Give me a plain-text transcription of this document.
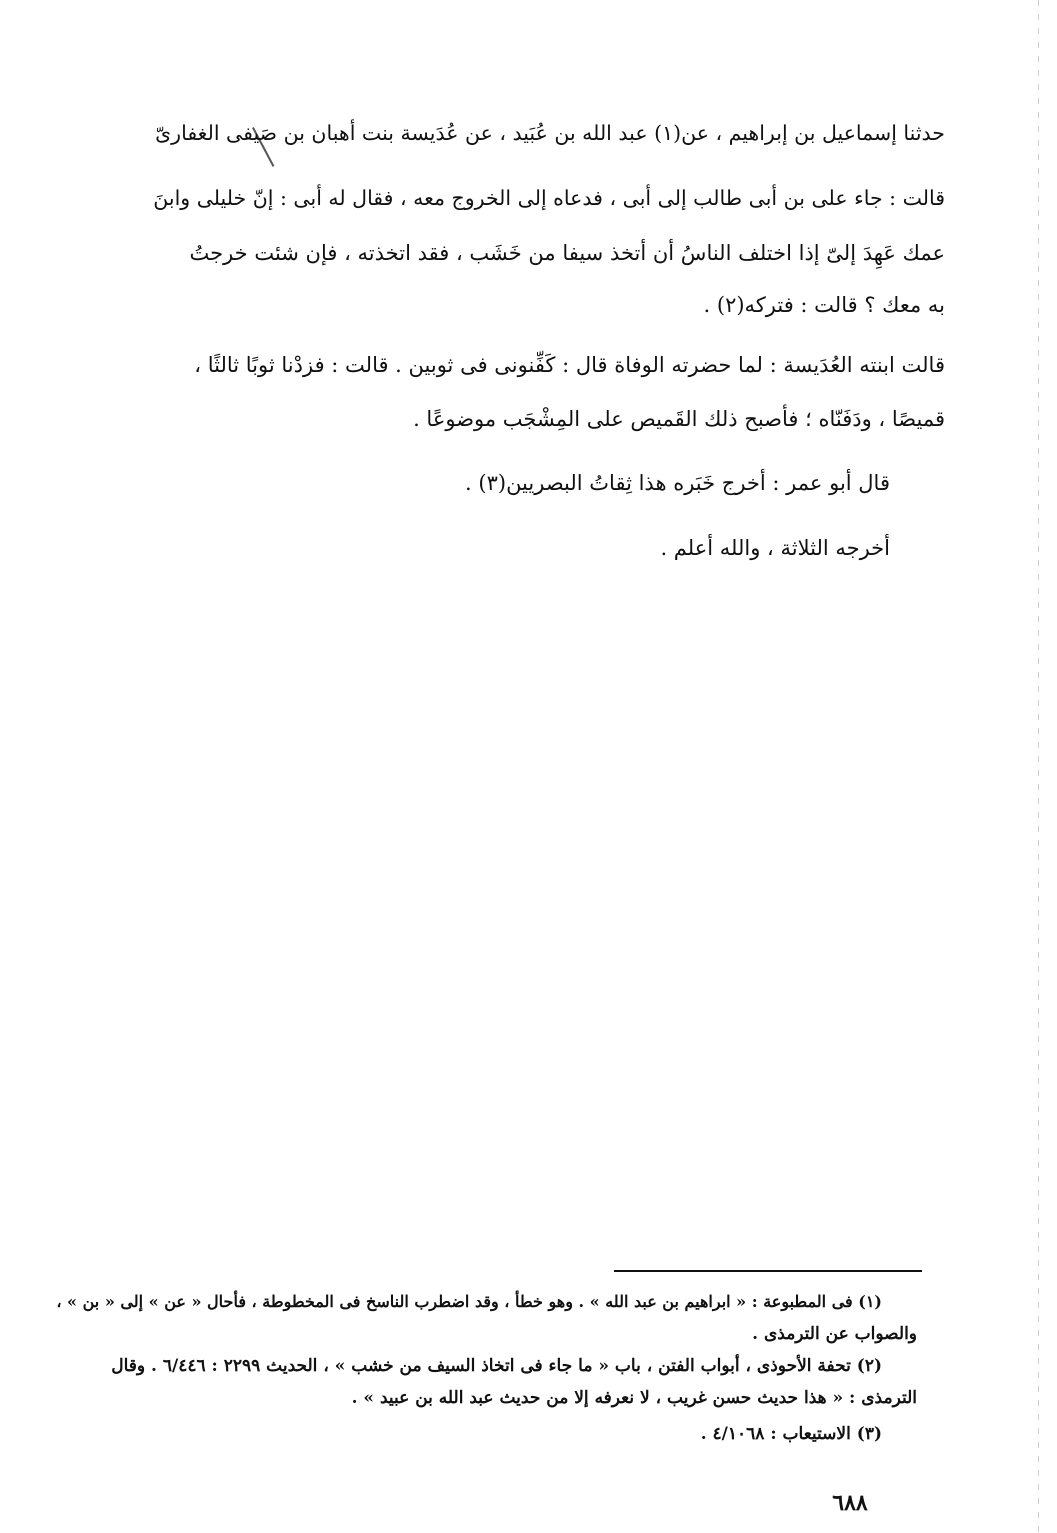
حدثنا إسماعيل بن إبراهيم ، عن(١) عبد الله بن عُبَيد ، عن عُدَيسة بنت أهبان بن صَيفى الغفارىّ
قالت : جاء على بن أبى طالب إلى أبى ، فدعاه إلى الخروج معه ، فقال له أبى : إنّ خليلى وابنَ
عمك عَهِدَ إلىّ إذا اختلف الناسُ أن أتخذ سيفا من خَشَب ، فقد اتخذته ، فإن شئت خرجتُ
به معك ؟ قالت : فتركه(٢) .
قالت ابنته العُدَيسة : لما حضرته الوفاة قال : كَفِّنونى فى ثوبين . قالت : فزدْنا ثوبًا ثالثًا ،
قميصًا ، ودَفَنّاه ؛ فأصبح ذلك القَميص على المِشْجَب موضوعًا .
قال أبو عمر : أخرج خَبَره هذا ثِقاتُ البصريين(٣) .
أخرجه الثلاثة ، والله أعلم .
(١) فى المطبوعة : « ابراهيم بن عبد الله » . وهو خطأ ، وقد اضطرب الناسخ فى المخطوطة ، فأحال « عن » إلى « بن » ،
والصواب عن الترمذى .
(٢) تحفة الأحوذى ، أبواب الفتن ، باب « ما جاء فى اتخاذ السيف من خشب » ، الحديث ٢٢٩٩ : ٦/٤٤٦ . وقال
الترمذى : « هذا حديث حسن غريب ، لا نعرفه إلا من حديث عبد الله بن عبيد » .
(٣) الاستيعاب : ٤/١٠٦٨ .
٦٨٨
